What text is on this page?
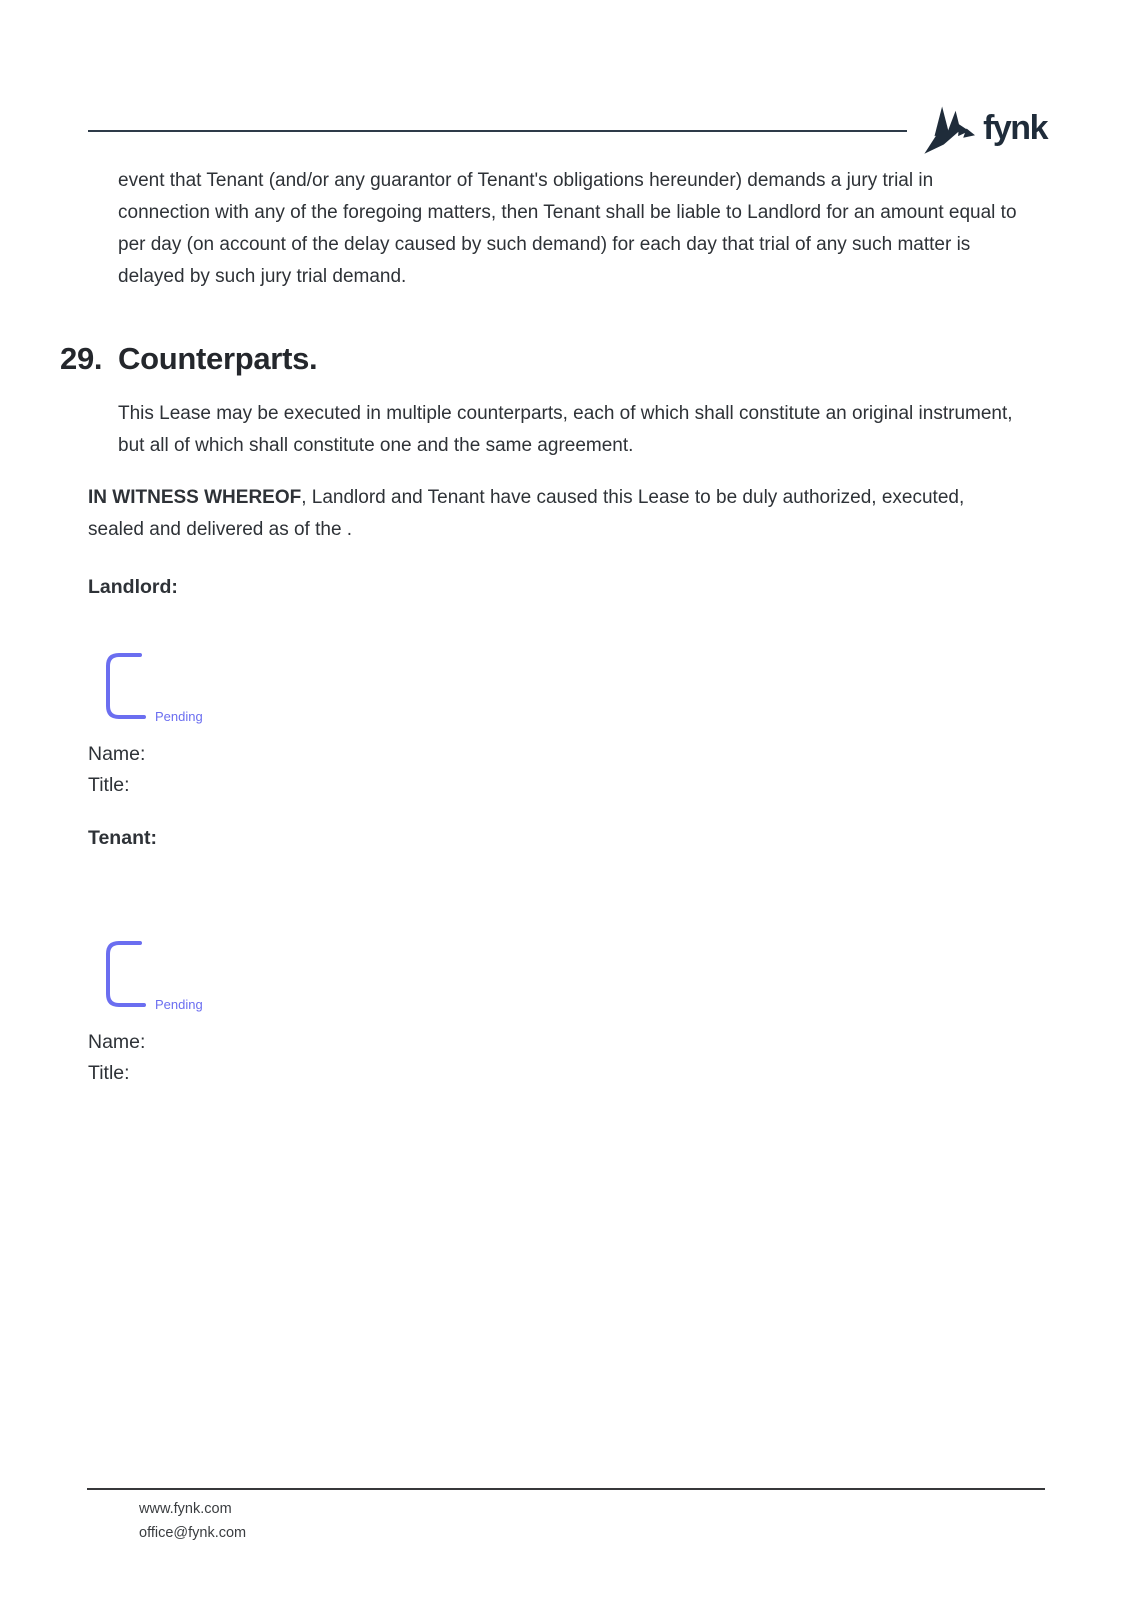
fynk

event that Tenant (and/or any guarantor of Tenant's obligations hereunder) demands a jury trial in connection with any of the foregoing matters, then Tenant shall be liable to Landlord for an amount equal to per day (on account of the delay caused by such demand) for each day that trial of any such matter is delayed by such jury trial demand.

29. Counterparts.

This Lease may be executed in multiple counterparts, each of which shall constitute an original instrument, but all of which shall constitute one and the same agreement.

IN WITNESS WHEREOF, Landlord and Tenant have caused this Lease to be duly authorized, executed, sealed and delivered as of the .

Landlord:
Pending
Name:
Title:
Tenant:
Pending
Name:
Title:
www.fynk.com
office@fynk.com
